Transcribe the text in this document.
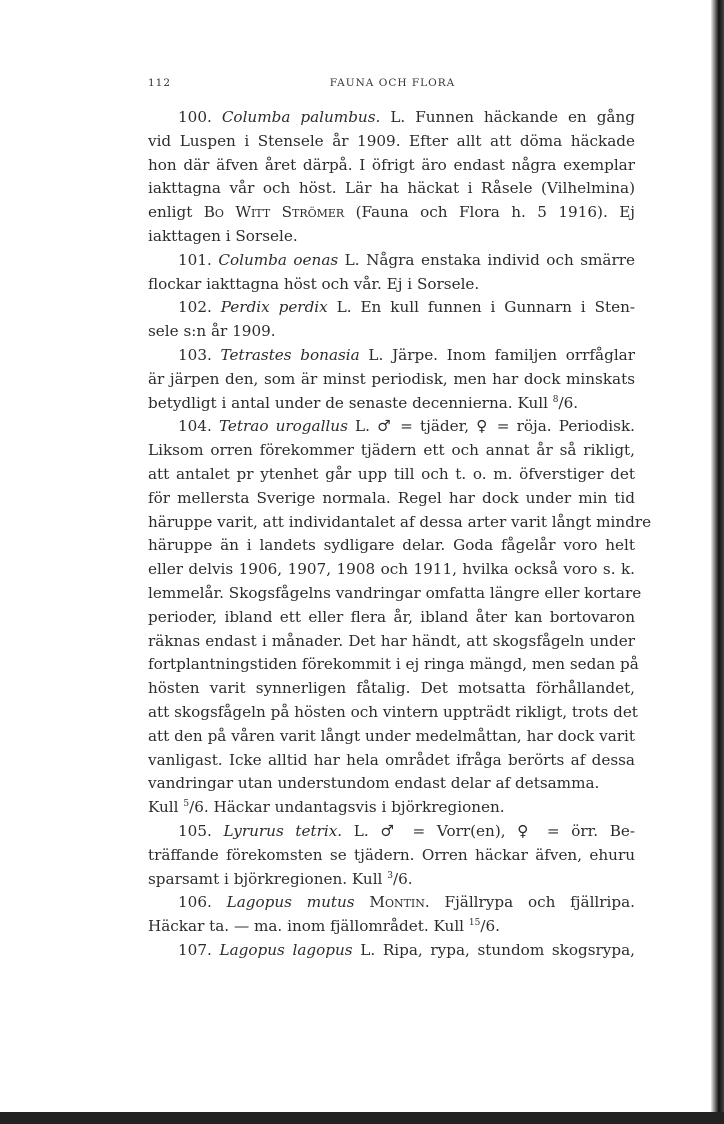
112	FAUNA OCH FLORA
100. Columba palumbus. L. Funnen häckande en gång
vid Luspen i Stensele år 1909. Efter allt att döma häckade
hon där äfven året därpå. I öfrigt äro endast några exemplar
iakttagna vår och höst. Lär ha häckat i Råsele (Vilhelmina)
enligt Bo Witt Strömer (Fauna och Flora h. 5 1916). Ej
iakttagen i Sorsele.
101. Columba oenas L. Några enstaka individ och smärre
flockar iakttagna höst och vår. Ej i Sorsele.
102. Perdix perdix L. En kull funnen i Gunnarn i Sten-
sele s:n år 1909.
103. Tetrastes bonasia L. Järpe. Inom familjen orrfåglar
är järpen den, som är minst periodisk, men har dock minskats
betydligt i antal under de senaste decennierna. Kull $^8$/6.
104. Tetrao urogallus L. ♂ = tjäder, ♀ = röja. Periodisk.
Liksom orren förekommer tjädern ett och annat år så rikligt,
att antalet pr ytenhet går upp till och t. o. m. öfverstiger det
för mellersta Sverige normala. Regel har dock under min tid
häruppe varit, att individantalet af dessa arter varit långt mindre
häruppe än i landets sydligare delar. Goda fågelår voro helt
eller delvis 1906, 1907, 1908 och 1911, hvilka också voro s. k.
lemmelår. Skogsfågelns vandringar omfatta längre eller kortare
perioder, ibland ett eller flera år, ibland åter kan bortovaron
räknas endast i månader. Det har händt, att skogsfågeln under
fortplantningstiden förekommit i ej ringa mängd, men sedan på
hösten varit synnerligen fåtalig. Det motsatta förhållandet,
att skogsfågeln på hösten och vintern uppträdt rikligt, trots det
att den på våren varit långt under medelmåttan, har dock varit
vanligast. Icke alltid har hela området ifråga berörts af dessa
vandringar utan understundom endast delar af detsamma.
Kull $^5$/6. Häckar undantagsvis i björkregionen.
105. Lyrurus tetrix. L. ♂ = Vorr(en), ♀ = örr. Be-
träffande förekomsten se tjädern. Orren häckar äfven, ehuru
sparsamt i björkregionen. Kull $^3$/6.
106. Lagopus mutus Montin. Fjällrypa och fjällripa.
Häckar ta. — ma. inom fjällområdet. Kull $^{15}$/6.
107. Lagopus lagopus L. Ripa, rypa, stundom skogsrypa,
